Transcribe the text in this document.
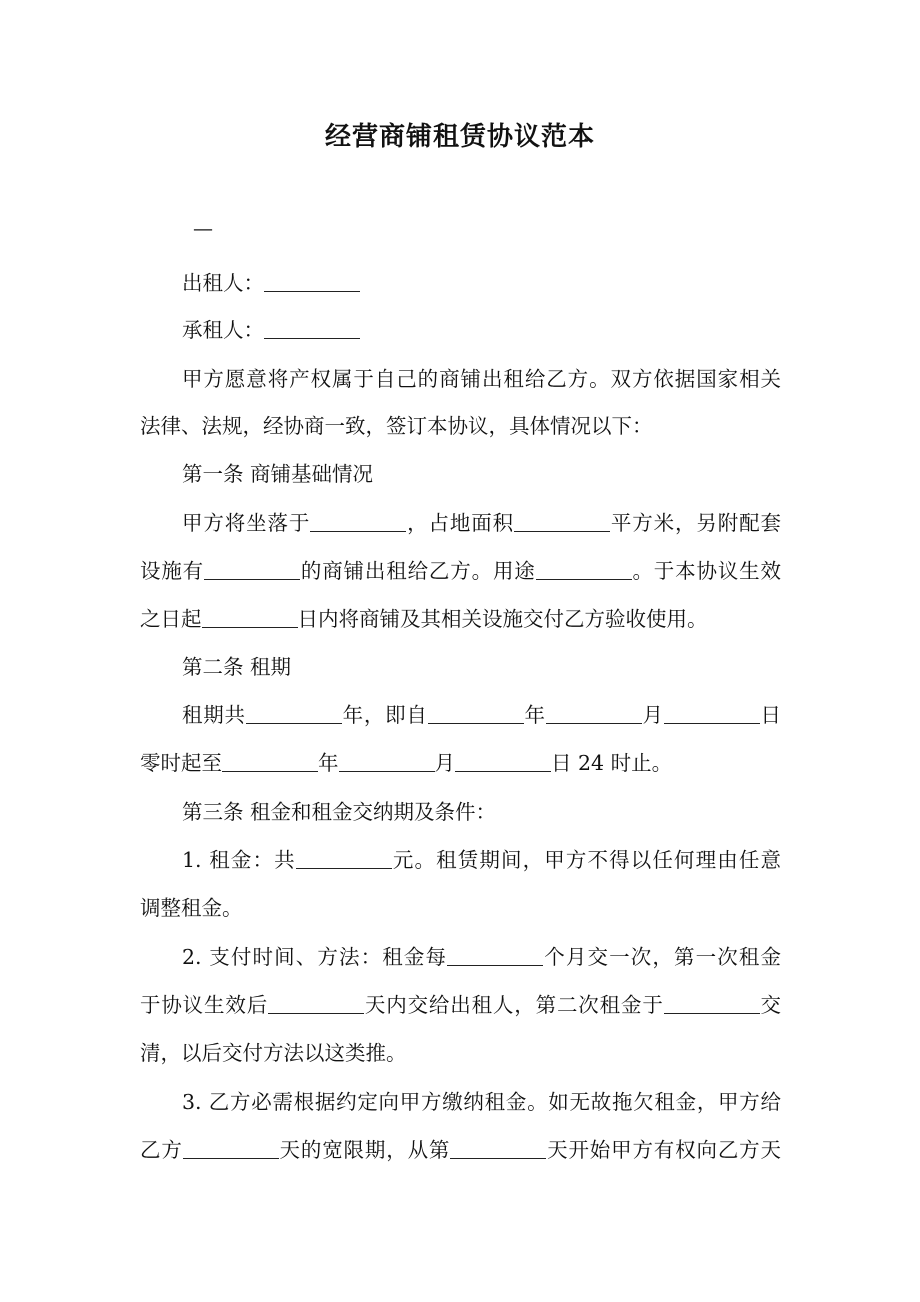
经营商铺租赁协议范本
—
出租人：
承租人：
甲方愿意将产权属于自己的商铺出租给乙方。双方依据国家相关
法律、法规，经协商一致，签订本协议，具体情况以下：
第一条 商铺基础情况
甲方将坐落于	，占地面积	平方米，另附配套
设施有	的商铺出租给乙方。用途	。于本协议生效
之日起	日内将商铺及其相关设施交付乙方验收使用。
第二条 租期
租期共	年，即自	年	月	日
零时起至	年	月	日 24 时止。
第三条 租金和租金交纳期及条件：
1. 租金：共	元。租赁期间，甲方不得以任何理由任意
调整租金。
2. 支付时间、方法：租金每	个月交一次，第一次租金
于协议生效后	天内交给出租人，第二次租金于	交
清，以后交付方法以这类推。
3. 乙方必需根据约定向甲方缴纳租金。如无故拖欠租金，甲方给
乙方	天的宽限期，从第	天开始甲方有权向乙方天
